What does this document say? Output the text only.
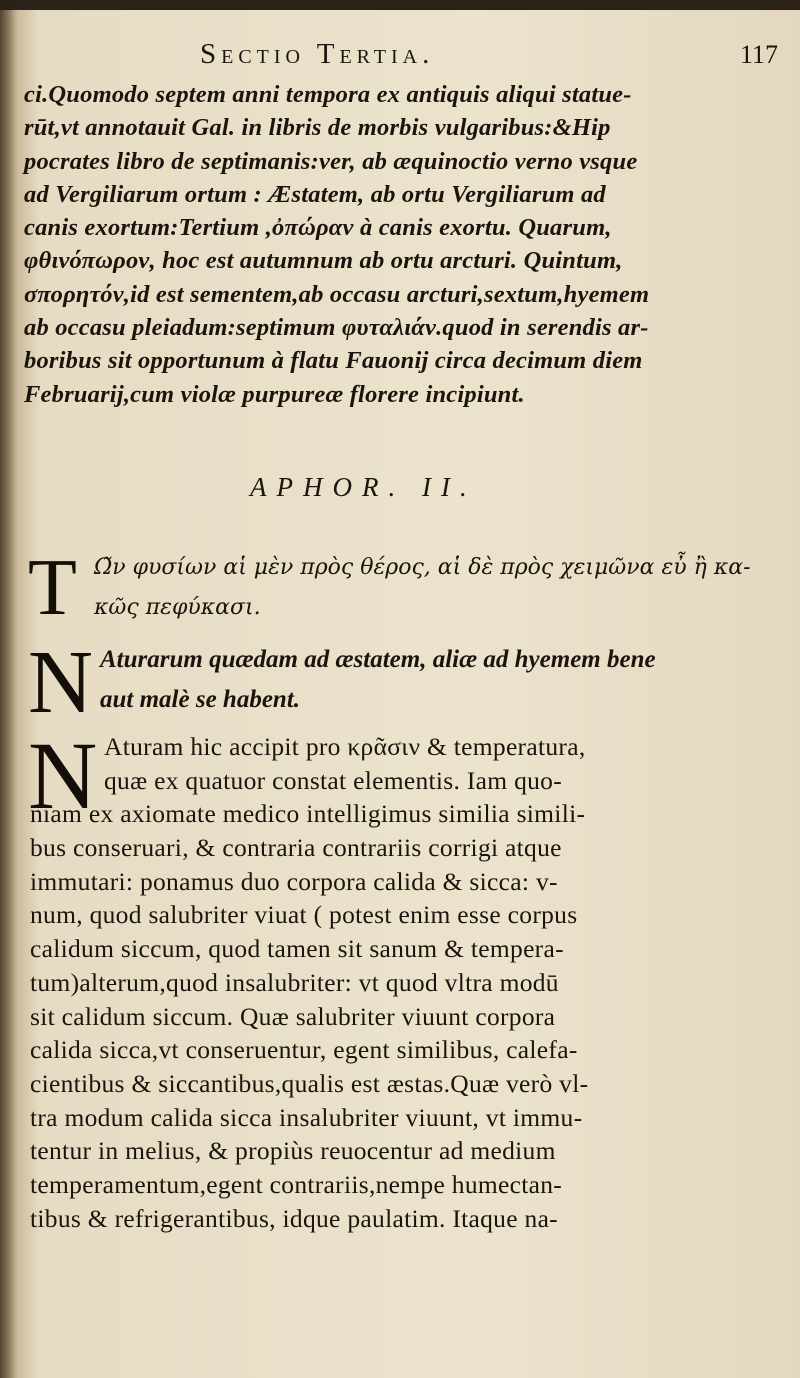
Sectio Tertia.	117
ci.Quomodo septem anni tempora ex antiquis aliqui statue-
rūt,vt annotauit Gal. in libris de morbis vulgaribus:&Hip
pocrates libro de septimanis:ver, ab æquinoctio verno vsque
ad Vergiliarum ortum : Æstatem, ab ortu Vergiliarum ad
canis exortum:Tertium ,ὀπώραν à canis exortu. Quarum,
φθινόπωρον, hoc est autumnum ab ortu arcturi. Quintum,
σπορητόν,id est sementem,ab occasu arcturi,sextum,hyemem
ab occasu pleiadum:septimum φυταλιάν.quod in serendis ar-
boribus sit opportunum à flatu Fauonij circa decimum diem
Februarij,cum violæ purpureæ florere incipiunt.
APHOR. II.
T Ω̃ν φυσίων αἱ μὲν πρὸς θέρος, αἱ δὲ πρὸς χειμῶνα εὖ ἢ κα-
κῶς πεφύκασι.
N Aturarum quædam ad æstatem, aliæ ad hyemem bene
aut malè se habent.
N Aturam hic accipit pro κρᾶσιν & temperatura,
quæ ex quatuor constat elementis. Iam quo-
niam ex axiomate medico intelligimus similia simili-
bus conseruari, & contraria contrariis corrigi atque
immutari: ponamus duo corpora calida & sicca: v-
num, quod salubriter viuat ( potest enim esse corpus
calidum siccum, quod tamen sit sanum & tempera-
tum)alterum,quod insalubriter: vt quod vltra modū
sit calidum siccum. Quæ salubriter viuunt corpora
calida sicca,vt conseruentur, egent similibus, calefa-
cientibus & siccantibus,qualis est æstas.Quæ verò vl-
tra modum calida sicca insalubriter viuunt, vt immu-
tentur in melius, & propiùs reuocentur ad medium
temperamentum,egent contrariis,nempe humectan-
tibus & refrigerantibus, idque paulatim. Itaque na-
